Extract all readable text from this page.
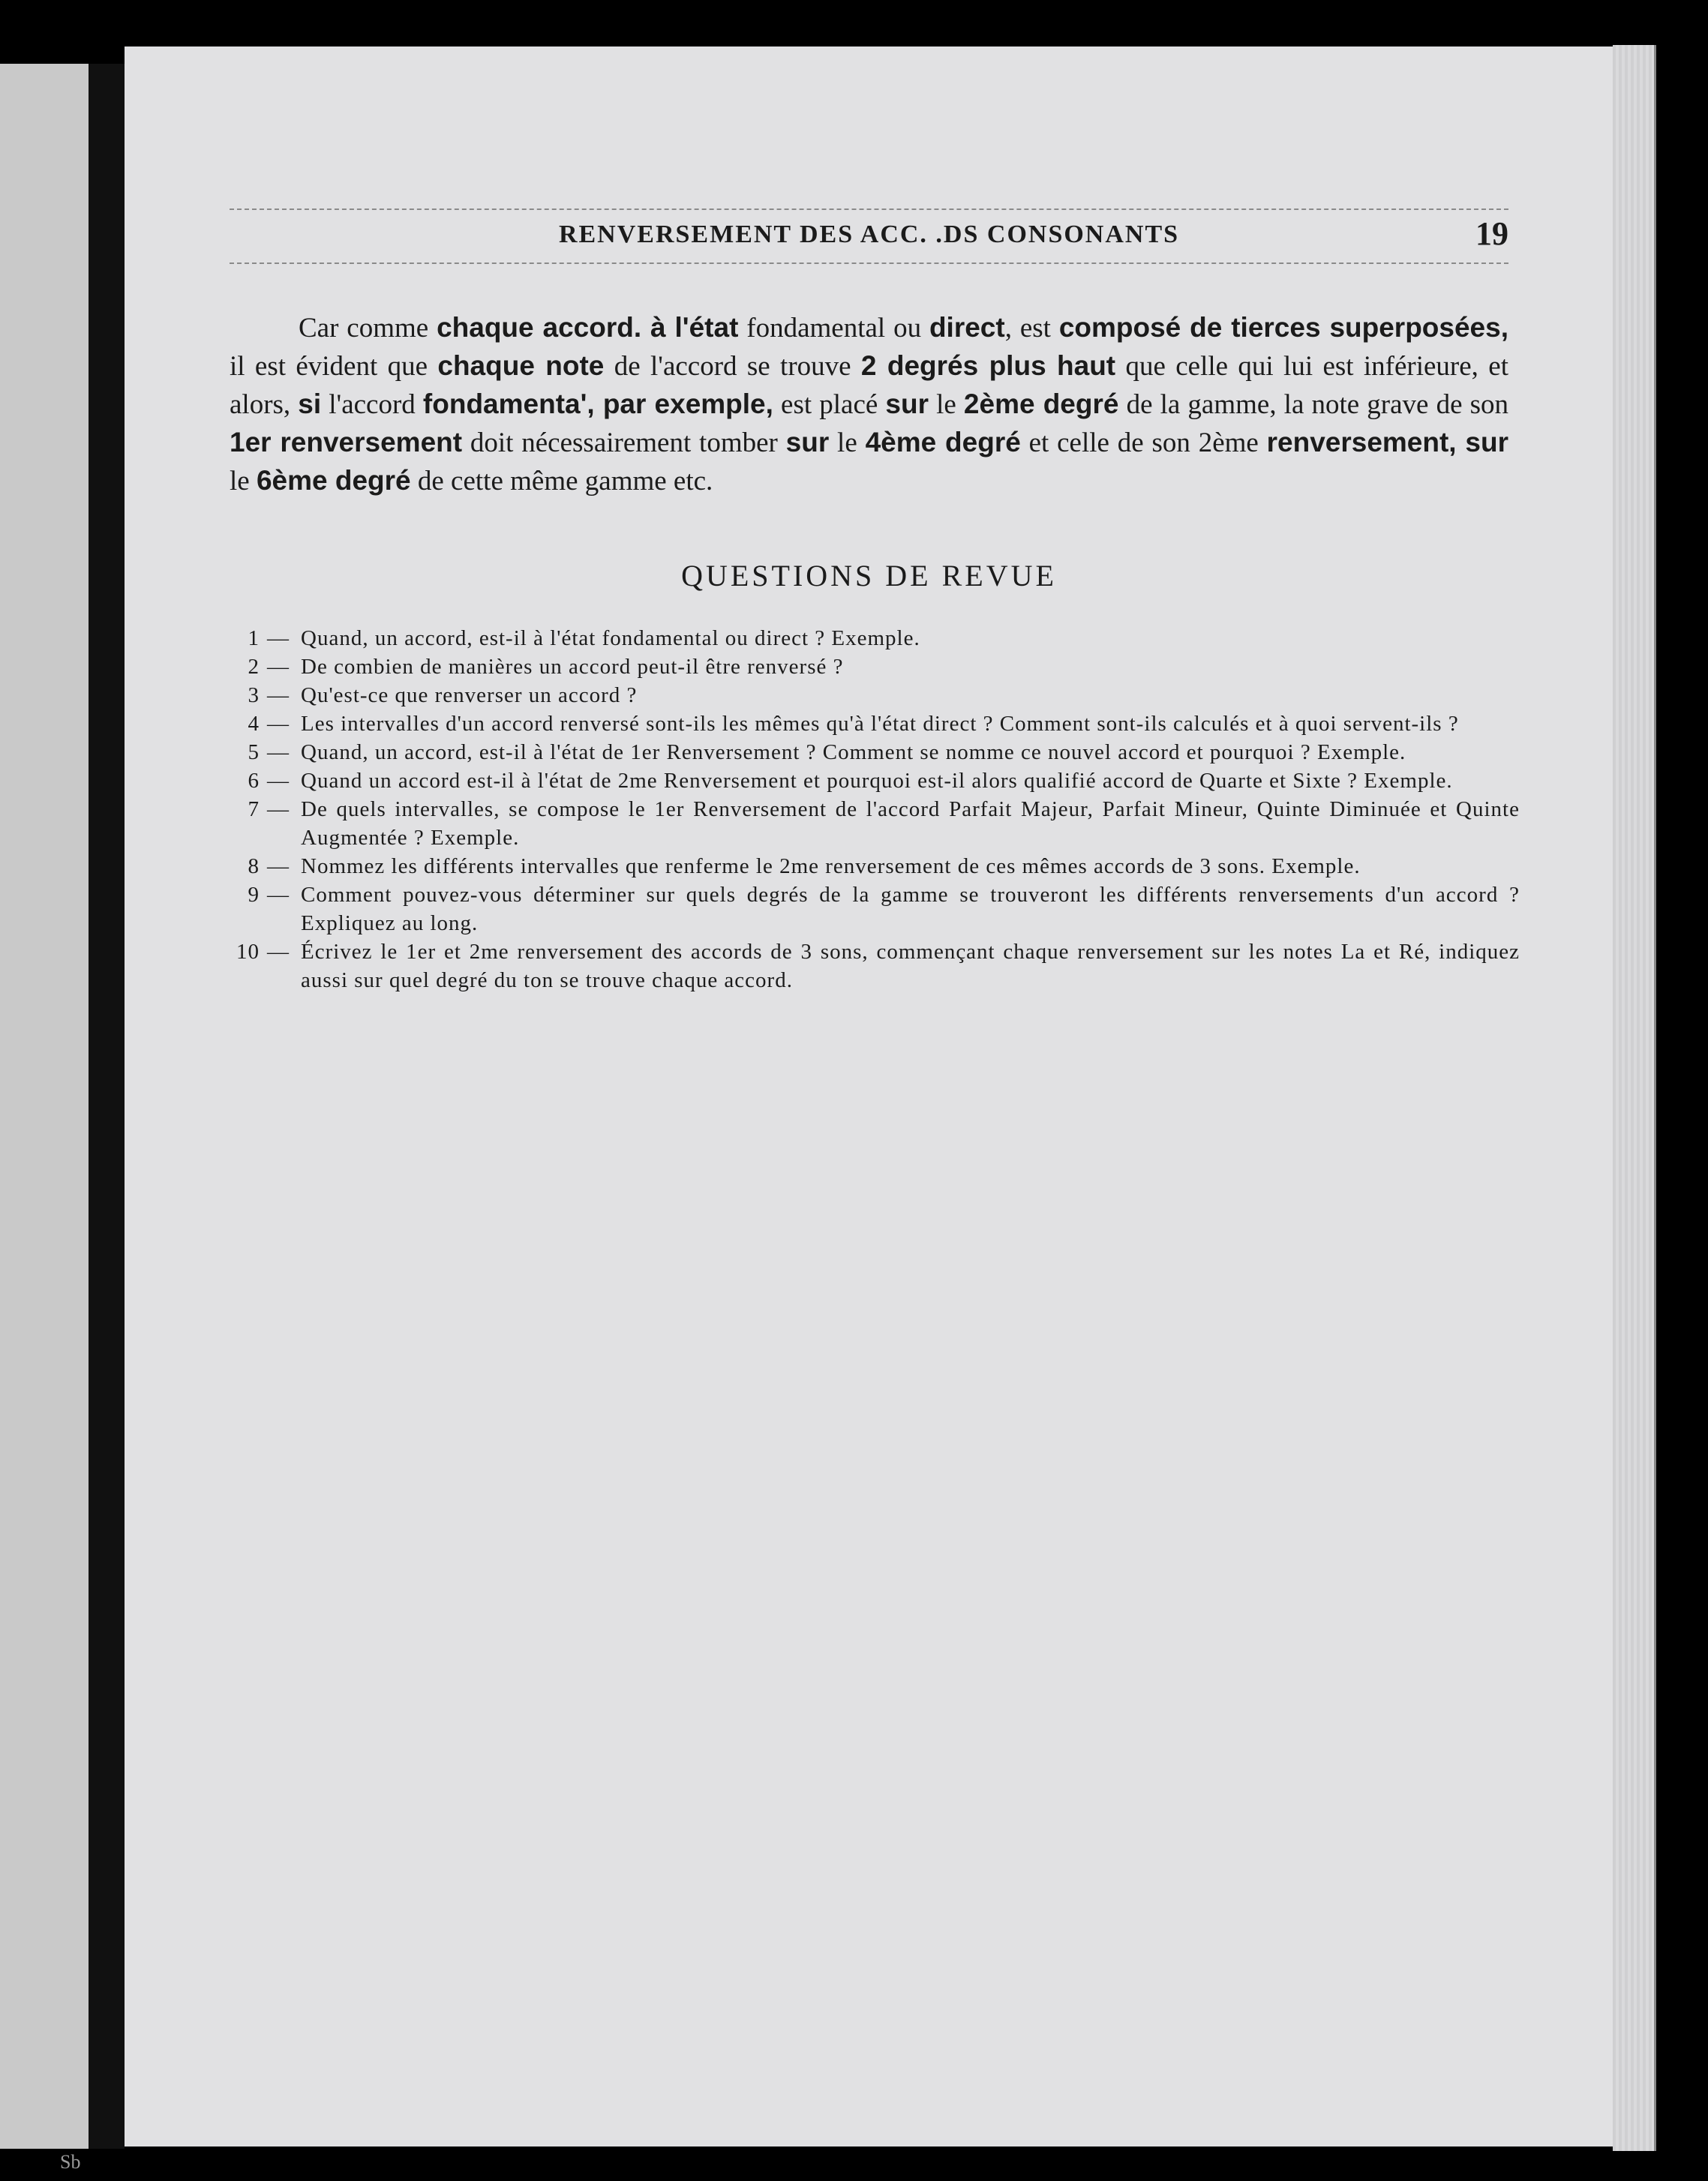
RENVERSEMENT DES ACC. .DS CONSONANTS	19

Car comme chaque accord. à l'état fondamental ou direct, est composé de tierces superposées, il est évident que chaque note de l'accord se trouve 2 degrés plus haut que celle qui lui est inférieure, et alors, si l'accord fondamenta', par exemple, est placé sur le 2ème degré de la gamme, la note grave de son 1er renversement doit nécessairement tomber sur le 4ème degré et celle de son 2ème renversement, sur le 6ème degré de cette même gamme etc.

QUESTIONS DE REVUE
1 — Quand, un accord, est-il à l'état fondamental ou direct ? Exemple.
2 — De combien de manières un accord peut-il être renversé ?
3 — Qu'est-ce que renverser un accord ?
4 — Les intervalles d'un accord renversé sont-ils les mêmes qu'à l'état direct ? Comment sont-ils calculés et à quoi servent-ils ?
5 — Quand, un accord, est-il à l'état de 1er Renversement ? Comment se nomme ce nouvel accord et pourquoi ? Exemple.
6 — Quand un accord est-il à l'état de 2me Renversement et pourquoi est-il alors qualifié accord de Quarte et Sixte ? Exemple.
7 — De quels intervalles, se compose le 1er Renversement de l'accord Parfait Majeur, Parfait Mineur, Quinte Diminuée et Quinte Augmentée ? Exemple.
8 — Nommez les différents intervalles que renferme le 2me renversement de ces mêmes accords de 3 sons. Exemple.
9 — Comment pouvez-vous déterminer sur quels degrés de la gamme se trouveront les différents renversements d'un accord ? Expliquez au long.
10 — Écrivez le 1er et 2me renversement des accords de 3 sons, commençant chaque renversement sur les notes La et Ré, indiquez aussi sur quel degré du ton se trouve chaque accord.
Sb
